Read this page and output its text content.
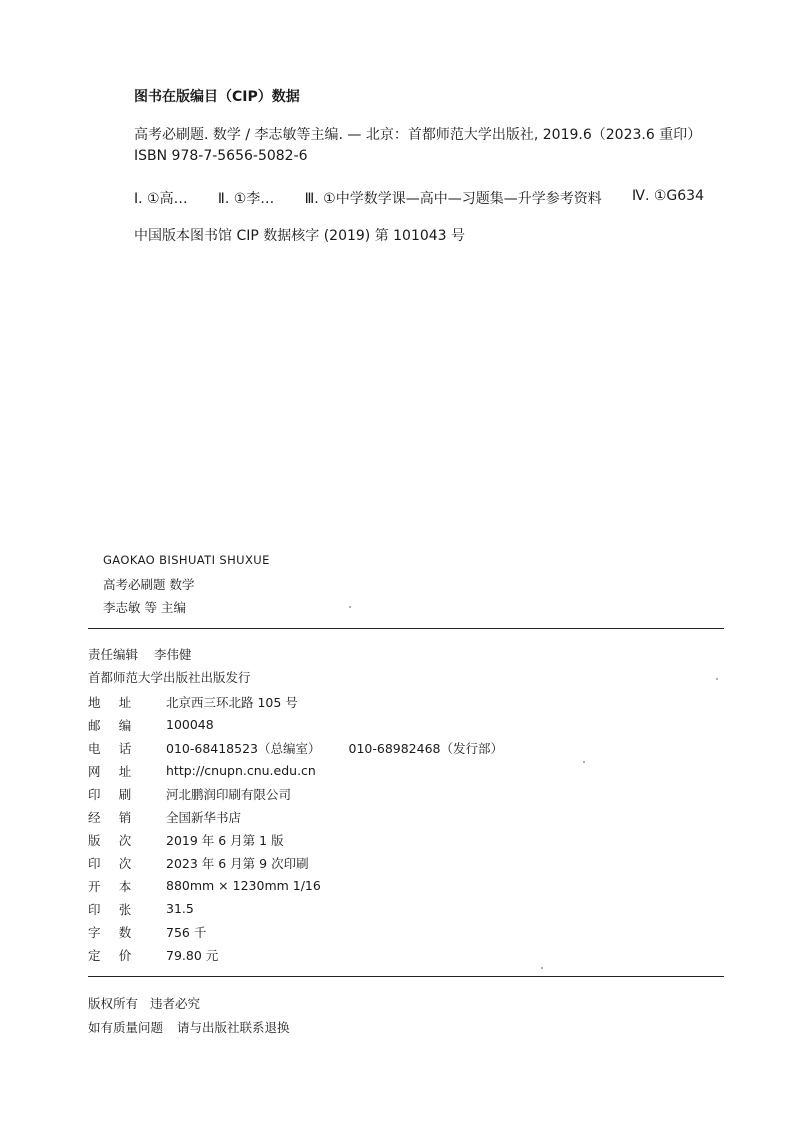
图书在版编目（CIP）数据
高考必刷题. 数学 / 李志敏等主编. — 北京：首都师范大学出版社, 2019.6（2023.6 重印）
ISBN 978-7-5656-5082-6
Ⅰ. ①高… Ⅱ. ①李… Ⅲ. ①中学数学课—高中—习题集—升学参考资料 Ⅳ. ①G634
中国版本图书馆 CIP 数据核字 (2019) 第 101043 号
GAOKAO BISHUATI SHUXUE
高考必刷题 数学
李志敏 等 主编
责任编辑 李伟健
首都师范大学出版社出版发行
地	址	北京西三环北路 105 号
邮	编	100048
电	话	010-68418523（总编室） 010-68982468（发行部）
网	址	http://cnupn.cnu.edu.cn
印	刷	河北鹏润印刷有限公司
经	销	全国新华书店
版	次	2019 年 6 月第 1 版
印	次	2023 年 6 月第 9 次印刷
开	本	880mm × 1230mm 1/16
印	张	31.5
字	数	756 千
定	价	79.80 元
版权所有 违者必究
如有质量问题 请与出版社联系退换
